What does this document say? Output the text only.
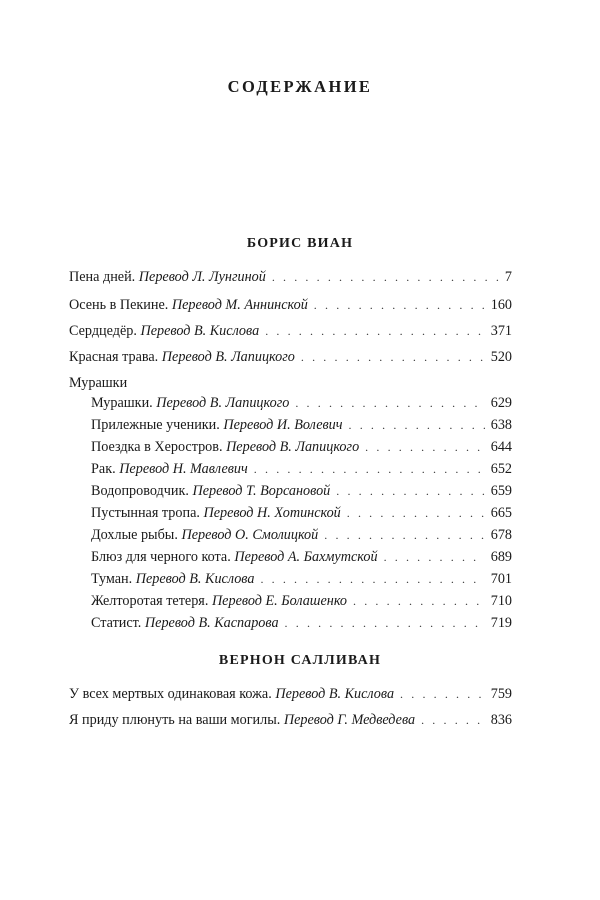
СОДЕРЖАНИЕ
БОРИС ВИАН
Пена дней. Перевод Л. Лунгиной . . .	7
Осень в Пекине. Перевод М. Аннинской . . .	160
Сердцедёр. Перевод В. Кислова . . .	371
Красная трава. Перевод В. Лапицкого . . .	520
Мурашки
Мурашки. Перевод В. Лапицкого . . .	629
Прилежные ученики. Перевод И. Волевич . . .	638
Поездка в Херостров. Перевод В. Лапицкого . . .	644
Рак. Перевод Н. Мавлевич . . .	652
Водопроводчик. Перевод Т. Ворсановой . . .	659
Пустынная тропа. Перевод Н. Хотинской . . .	665
Дохлые рыбы. Перевод О. Смолицкой . . .	678
Блюз для черного кота. Перевод А. Бахмутской . . .	689
Туман. Перевод В. Кислова . . .	701
Желторотая тетеря. Перевод Е. Болашенко . . .	710
Статист. Перевод В. Каспарова . . .	719
ВЕРНОН САЛЛИВАН
У всех мертвых одинаковая кожа. Перевод В. Кислова . . .	759
Я приду плюнуть на ваши могилы. Перевод Г. Медведева . . .	836
